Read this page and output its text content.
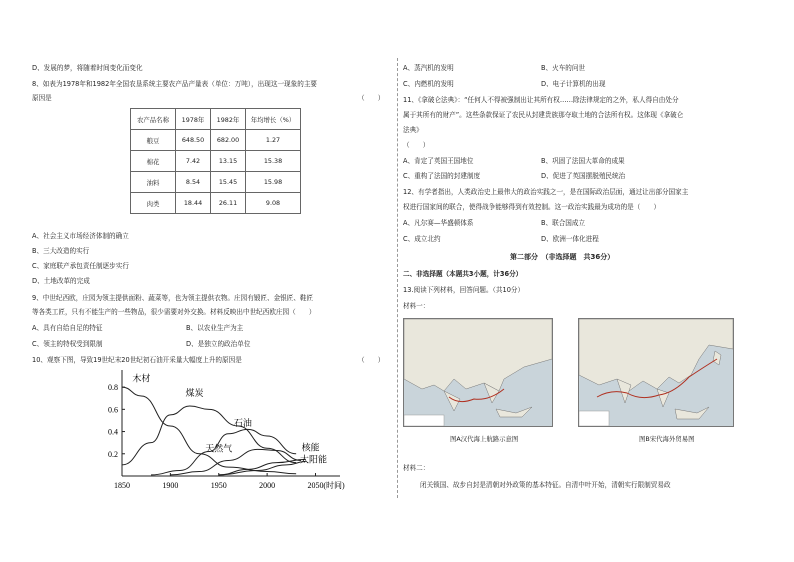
D、发展的梦，将随着时间变化而变化
8、如表为1978年和1982年全国农垦系统主要农产品产量表（单位：万吨），出现这一现象的主要
原因是	（　　）
农产品名称	1978年	1982年	年均增长（%）
粮豆	648.50	682.00	1.27
棉花	7.42	13.15	15.38
油料	8.54	15.45	15.98
肉类	18.44	26.11	9.08
A、社会主义市场经济体制的确立
B、三大改造的实行
C、家庭联产承包责任制逐步实行
D、土地改革的完成
9、中世纪西欧，庄园为领主提供面粉、蔬菜等，也为领主提供衣物。庄园有锻匠、金银匠、鞋匠
等各类工匠，只有不能生产的一些物品，很少需要对外交换。材料反映出中世纪西欧庄园（　　）
A、具有自给自足的特征	B、以农业生产为主
C、领主的特权受到限制	D、是独立的政治单位
10、观察下图，导致19世纪末20世纪初石油开采量大幅度上升的原因是	（　　）
0.2
0.4
0.6
0.8
1850	1900	1950	2000	2050 (时间)
木材
煤炭
石油
天然气	核能
太阳能
A、蒸汽机的发明	B、火车的问世
C、内燃机的发明	D、电子计算机的出现
11、《拿破仑法典》：“任何人不得被强制出让其所有权……除法律规定的之外，私人得自由处分
属于其所有的财产”。这些条款保证了农民从封建贵族那夺取土地的合法所有权。这体现《拿破仑
法典》
（　　）
A、肯定了英国王国地位	B、巩固了法国大革命的成果
C、重构了法国的封建制度	D、促进了英国摆脱殖民统治
12、有学者指出，人类政治史上最伟大的政治实践之一，是在国际政治层面，通过让出部分国家主
权进行国家间的联合，使得战争能够得到有效控制。这一政治实践最为成功的是（　　）
A、凡尔赛—华盛顿体系	B、联合国成立
C、成立北约	D、欧洲一体化进程
第二部分　（非选择题　共36分）
二、非选择题（本题共3小题，计36分）
13.阅读下列材料，回答问题。（共10分）
材料一：
图A汉代海上航路示意图	图B宋代海外贸易图
材料二：
闭关锁国、故步自封是清朝对外政策的基本特征。自清中叶开始，清朝实行限制贸易政
